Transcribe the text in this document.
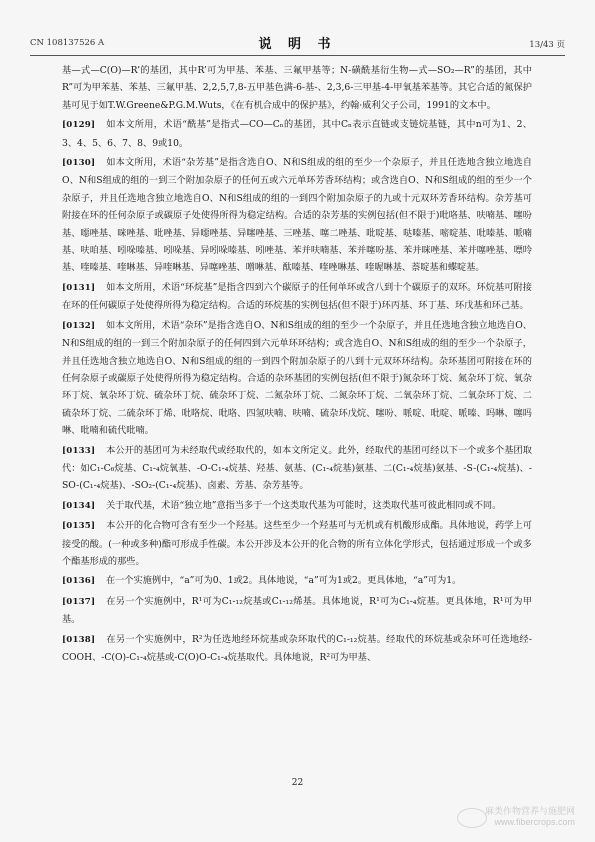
CN 108137526 A	说 明 书	13/43 页

基—式—C(O)—R’的基团，其中R’可为甲基、苯基、三氟甲基等；N-磺酰基衍生物—式—SO₂—R”的基团，其中R”可为甲苯基、苯基、三氟甲基、2,2,5,7,8-五甲基色满-6-基-、2,3,6-三甲基-4-甲氧基苯基等。其它合适的氮保护基可见于如T.W.Greene&P.G.M.Wuts，《在有机合成中的保护基》，约翰·威利父子公司，1991的文本中。

[0129] 如本文所用，术语“酰基”是指式—CO—Cₙ的基团，其中Cₙ表示直链或支链烷基链，其中n可为1、2、3、4、5、6、7、8、9或10。

[0130] 如本文所用，术语“杂芳基”是指含选自O、N和S组成的组的至少一个杂原子，并且任选地含独立地选自O、N和S组成的组的一到三个附加杂原子的任何五或六元单环芳香环结构；或含选自O、N和S组成的组的至少一个杂原子，并且任选地含独立地选自O、N和S组成的组的一到四个附加杂原子的九或十元双环芳香环结构。杂芳基可附接在环的任何杂原子或碳原子处使得所得为稳定结构。合适的杂芳基的实例包括(但不限于)吡咯基、呋喃基、噻吩基、噁唑基、咪唑基、吡唑基、异噁唑基、异噻唑基、三唑基、噻二唑基、吡啶基、哒嗪基、嘧啶基、吡嗪基、哌喃基、呋咱基、吲哚嗪基、吲哚基、异吲哚嗪基、吲唑基、苯并呋喃基、苯并噻吩基、苯并咪唑基、苯并噻唑基、嘌呤基、喹嗪基、喹啉基、异喹啉基、异噻唑基、噌啉基、酞嗪基、喹唑啉基、喹喔啉基、萘啶基和蝶啶基。

[0131] 如本文所用，术语“环烷基”是指含四到六个碳原子的任何单环或含八到十个碳原子的双环。环烷基可附接在环的任何碳原子处使得所得为稳定结构。合适的环烷基的实例包括(但不限于)环丙基、环丁基、环戊基和环己基。

[0132] 如本文所用，术语“杂环”是指含选自O、N和S组成的组的至少一个杂原子，并且任选地含独立地选自O、N和S组成的组的一到三个附加杂原子的任何四到六元单环环结构；或含选自O、N和S组成的组的至少一个杂原子，并且任选地含独立地选自O、N和S组成的组的一到四个附加杂原子的八到十元双环环结构。杂环基团可附接在环的任何杂原子或碳原子处使得所得为稳定结构。合适的杂环基团的实例包括(但不限于)氮杂环丁烷、氮杂环丁烷、氧杂环丁烷、氧杂环丁烷、硫杂环丁烷、硫杂环丁烷、二氮杂环丁烷、二氮杂环丁烷、二氧杂环丁烷、二氧杂环丁烷、二硫杂环丁烷、二硫杂环丁烯、吡咯烷、吡咯、四氢呋喃、呋喃、硫杂环戊烷、噻吩、哌啶、吡啶、哌嗪、吗啉、噻吗啉、吡喃和硫代吡喃。

[0133] 本公开的基团可为未经取代或经取代的，如本文所定义。此外，经取代的基团可经以下一个或多个基团取代：如C₁-C₆烷基、C₁-₄烷氧基、-O-C₁-₄烷基、羟基、氨基、(C₁-₄烷基)氨基、二(C₁-₄烷基)氨基、-S-(C₁-₄烷基)、-SO-(C₁-₄烷基)、-SO₂-(C₁-₄烷基)、卤素、芳基、杂芳基等。

[0134] 关于取代基，术语“独立地”意指当多于一个这类取代基为可能时，这类取代基可彼此相同或不同。

[0135] 本公开的化合物可含有至少一个羟基。这些至少一个羟基可与无机或有机酸形成酯。具体地说，药学上可接受的酸。(一种或多种)酯可形成手性碳。本公开涉及本公开的化合物的所有立体化学形式，包括通过形成一个或多个酯基形成的那些。

[0136] 在一个实施例中，“a”可为0、1或2。具体地说，“a”可为1或2。更具体地，“a”可为1。

[0137] 在另一个实施例中，R¹可为C₁-₁₂烷基或C₁-₁₂烯基。具体地说，R¹可为C₁-₄烷基。更具体地，R¹可为甲基。

[0138] 在另一个实施例中，R²为任选地经环烷基或杂环取代的C₁-₁₂烷基。经取代的环烷基或杂环可任选地经-COOH、-C(O)-C₁-₄烷基或-C(O)O-C₁-₄烷基取代。具体地说，R²可为甲基、

22
麻类作物营养与施肥网
www.fibercrops.com
